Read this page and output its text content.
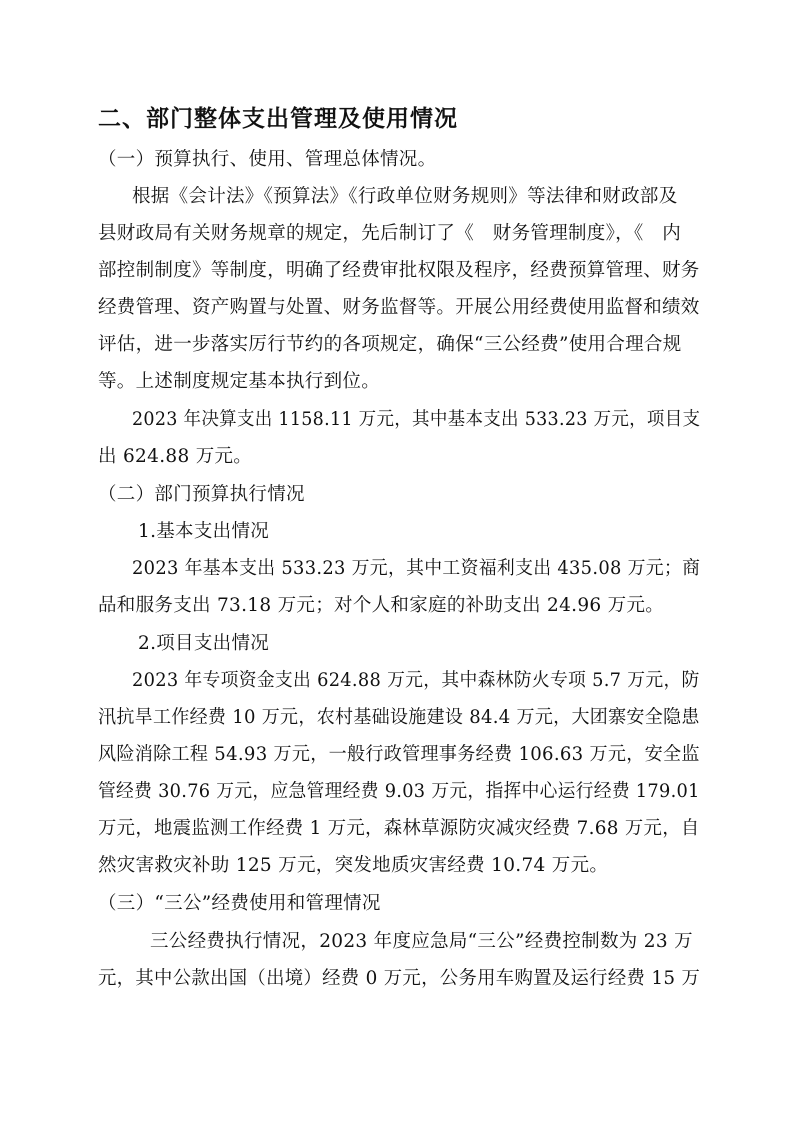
二、部门整体支出管理及使用情况
（一）预算执行、使用、管理总体情况。
根据《会计法》《预算法》《行政单位财务规则》等法律和财政部及
县财政局有关财务规章的规定，先后制订了《　财务管理制度》，《　内
部控制制度》等制度，明确了经费审批权限及程序，经费预算管理、财务
经费管理、资产购置与处置、财务监督等。开展公用经费使用监督和绩效
评估，进一步落实厉行节约的各项规定，确保“三公经费”使用合理合规
等。上述制度规定基本执行到位。
2023 年决算支出 1158.11 万元，其中基本支出 533.23 万元，项目支
出 624.88 万元。
（二）部门预算执行情况
1.基本支出情况
2023 年基本支出 533.23 万元，其中工资福利支出 435.08 万元；商
品和服务支出 73.18 万元；对个人和家庭的补助支出 24.96 万元。
2.项目支出情况
2023 年专项资金支出 624.88 万元，其中森林防火专项 5.7 万元，防
汛抗旱工作经费 10 万元，农村基础设施建设 84.4 万元，大团寨安全隐患
风险消除工程 54.93 万元，一般行政管理事务经费 106.63 万元，安全监
管经费 30.76 万元，应急管理经费 9.03 万元，指挥中心运行经费 179.01
万元，地震监测工作经费 1 万元，森林草源防灾减灾经费 7.68 万元，自
然灾害救灾补助 125 万元，突发地质灾害经费 10.74 万元。
（三）“三公”经费使用和管理情况
三公经费执行情况，2023 年度应急局“三公”经费控制数为 23 万
元，其中公款出国（出境）经费 0 万元，公务用车购置及运行经费 15 万
